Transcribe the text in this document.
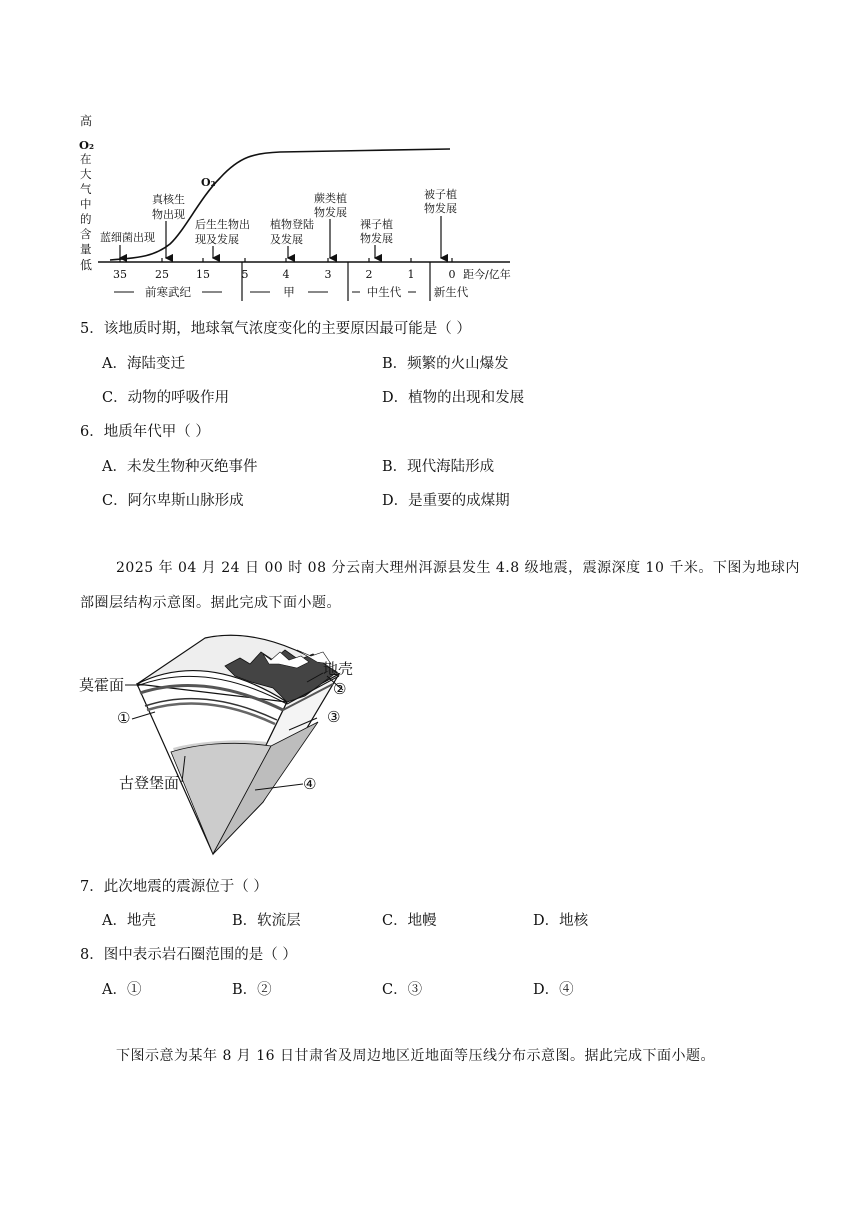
高
O₂
在
大
气
中
的
含
量
低
35	25 15	5	4	3	2	1	0 距今/亿年
O₂
前寒武纪	甲	中生代	新生代
蓝细菌出现
真核生
物出现
后生生物出
现及发展
植物登陆
及发展
蕨类植
物发展
裸子植
物发展
被子植
物发展
5．该地质时期，地球氧气浓度变化的主要原因最可能是（ ）
A．海陆变迁	B．频繁的火山爆发
C．动物的呼吸作用	D．植物的出现和发展
6．地质年代甲（ ）
A．未发生物种灭绝事件	B．现代海陆形成
C．阿尔卑斯山脉形成	D．是重要的成煤期
2025 年 04 月 24 日 00 时 08 分云南大理州洱源县发生 4.8 级地震，震源深度 10 千米。下图为地球内
部圈层结构示意图。据此完成下面小题。
莫霍面
地壳
古登堡面
①
②
③
④
7．此次地震的震源位于（ ）
A．地壳	B．软流层	C．地幔	D．地核
8．图中表示岩石圈范围的是（ ）
A．①	B．②	C．③	D．④
下图示意为某年 8 月 16 日甘肃省及周边地区近地面等压线分布示意图。据此完成下面小题。
